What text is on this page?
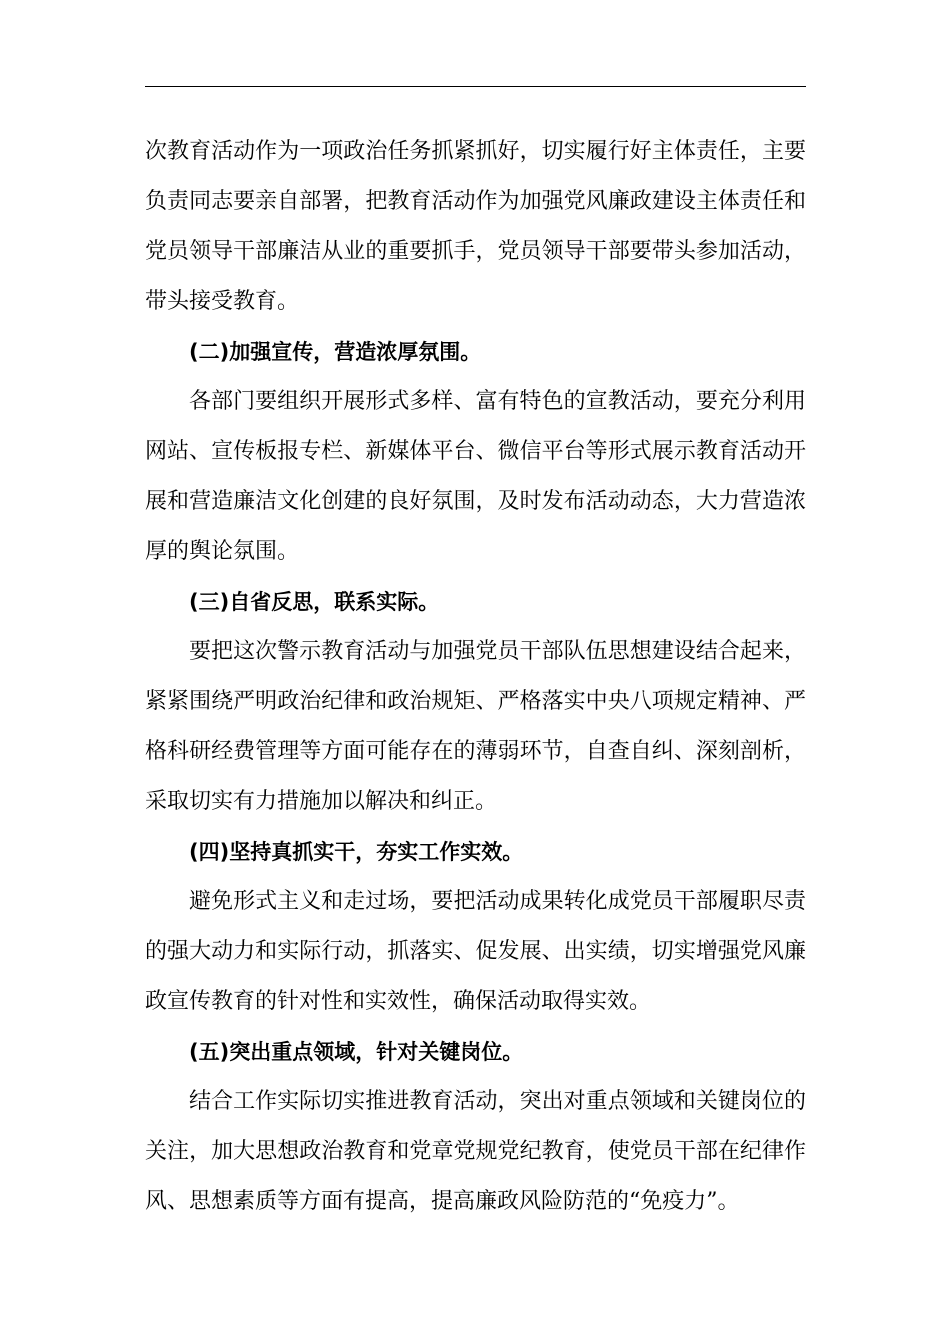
次教育活动作为一项政治任务抓紧抓好，切实履行好主体责任，主要负责同志要亲自部署，把教育活动作为加强党风廉政建设主体责任和党员领导干部廉洁从业的重要抓手，党员领导干部要带头参加活动，带头接受教育。

(二)加强宣传，营造浓厚氛围。

各部门要组织开展形式多样、富有特色的宣教活动，要充分利用网站、宣传板报专栏、新媒体平台、微信平台等形式展示教育活动开展和营造廉洁文化创建的良好氛围，及时发布活动动态，大力营造浓厚的舆论氛围。

(三)自省反思，联系实际。

要把这次警示教育活动与加强党员干部队伍思想建设结合起来，紧紧围绕严明政治纪律和政治规矩、严格落实中央八项规定精神、严格科研经费管理等方面可能存在的薄弱环节，自查自纠、深刻剖析，采取切实有力措施加以解决和纠正。

(四)坚持真抓实干，夯实工作实效。

避免形式主义和走过场，要把活动成果转化成党员干部履职尽责的强大动力和实际行动，抓落实、促发展、出实绩，切实增强党风廉政宣传教育的针对性和实效性，确保活动取得实效。

(五)突出重点领域，针对关键岗位。

结合工作实际切实推进教育活动，突出对重点领域和关键岗位的关注，加大思想政治教育和党章党规党纪教育，使党员干部在纪律作风、思想素质等方面有提高，提高廉政风险防范的“免疫力”。
